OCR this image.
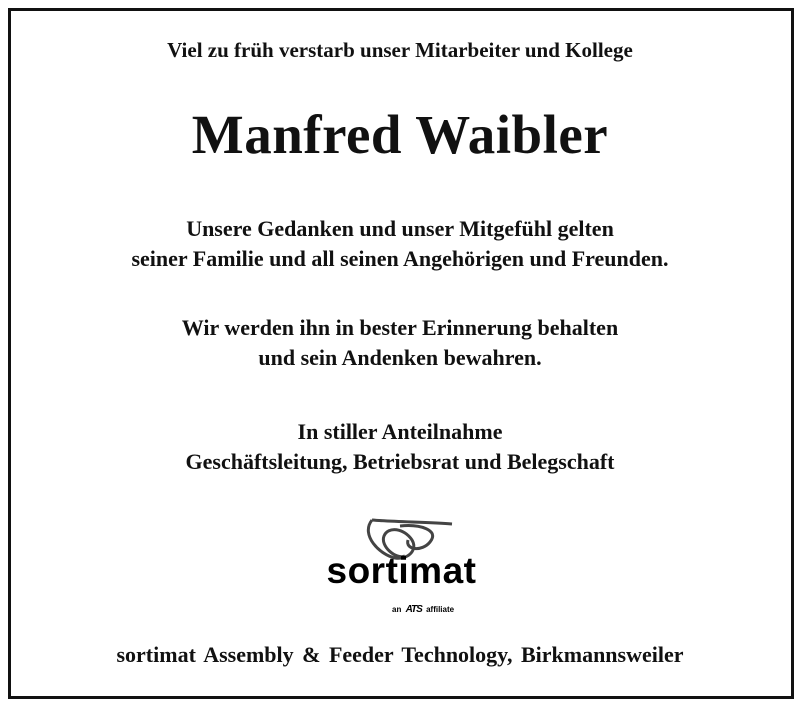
Viel zu früh verstarb unser Mitarbeiter und Kollege
Manfred Waibler
Unsere Gedanken und unser Mitgefühl gelten
seiner Familie und all seinen Angehörigen und Freunden.
Wir werden ihn in bester Erinnerung behalten
und sein Andenken bewahren.
In stiller Anteilnahme
Geschäftsleitung, Betriebsrat und Belegschaft
sortimat
an ATS affiliate
sortimat Assembly & Feeder Technology, Birkmannsweiler
